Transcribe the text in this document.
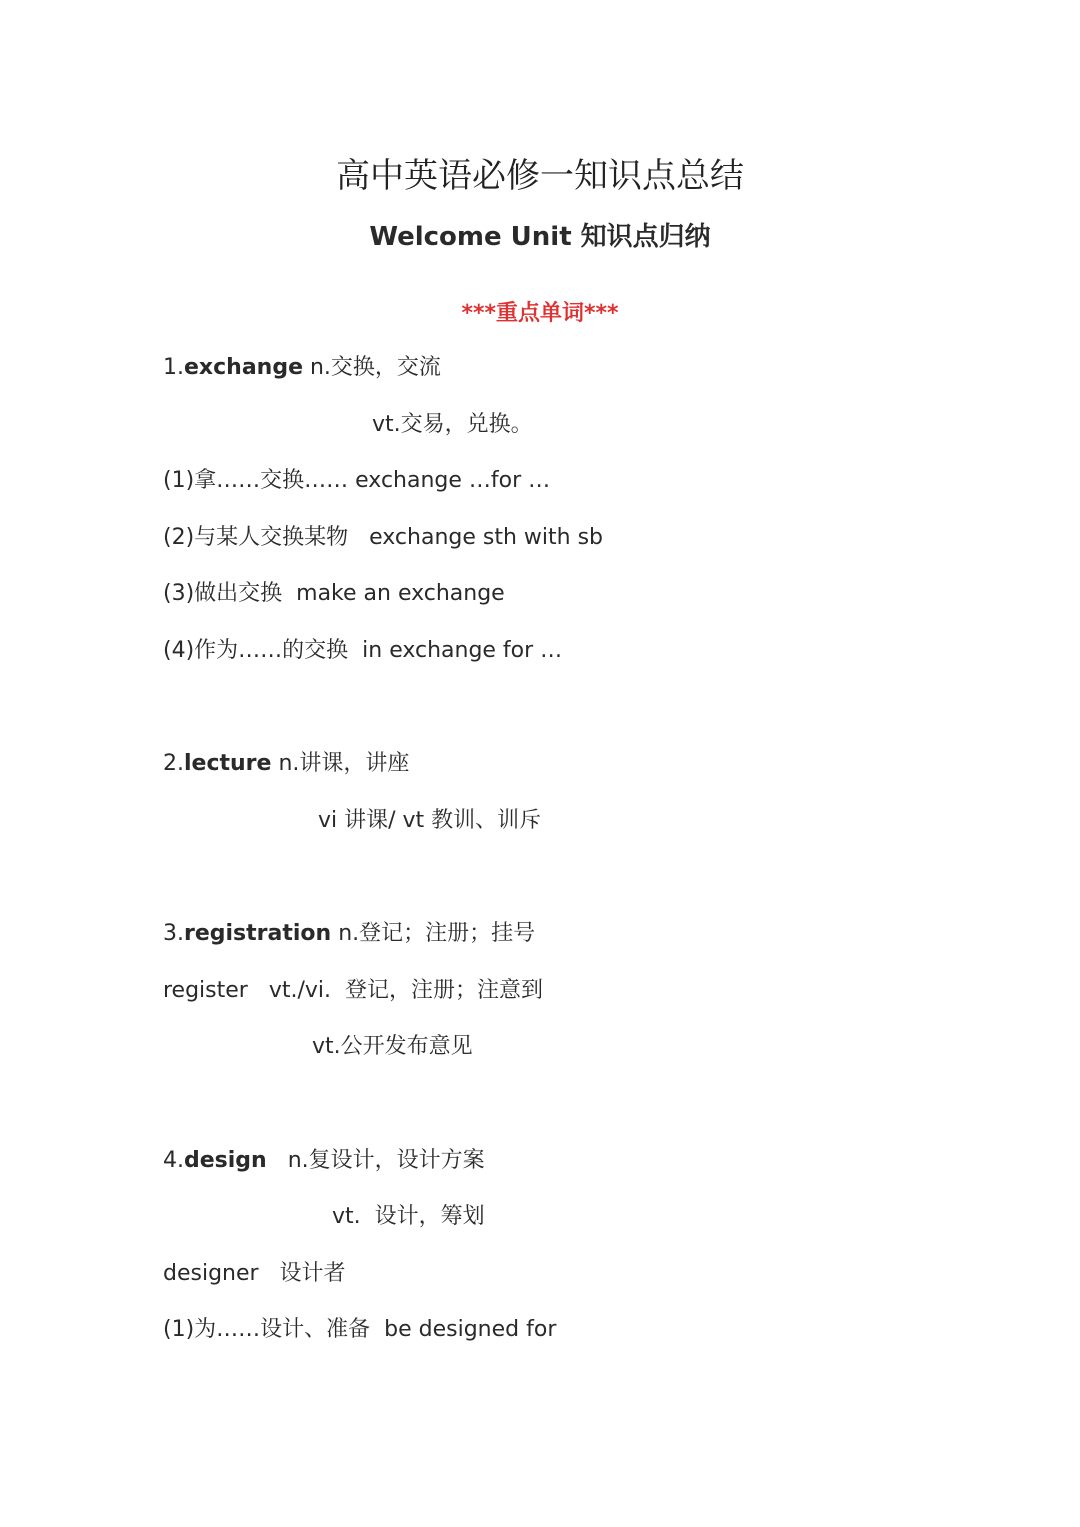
高中英语必修一知识点总结
Welcome Unit 知识点归纳
***重点单词***
1.exchange n.交换，交流
vt.交易，兑换。
(1)拿……交换…… exchange …for …
(2)与某人交换某物   exchange sth with sb
(3)做出交换  make an exchange
(4)作为……的交换  in exchange for …
2.lecture n.讲课，讲座
vi 讲课/ vt 教训、训斥
3.registration n.登记；注册；挂号
register   vt./vi.  登记，注册；注意到
vt.公开发布意见
4.design   n.复设计，设计方案
vt.  设计，筹划
designer   设计者
(1)为……设计、准备  be designed for
